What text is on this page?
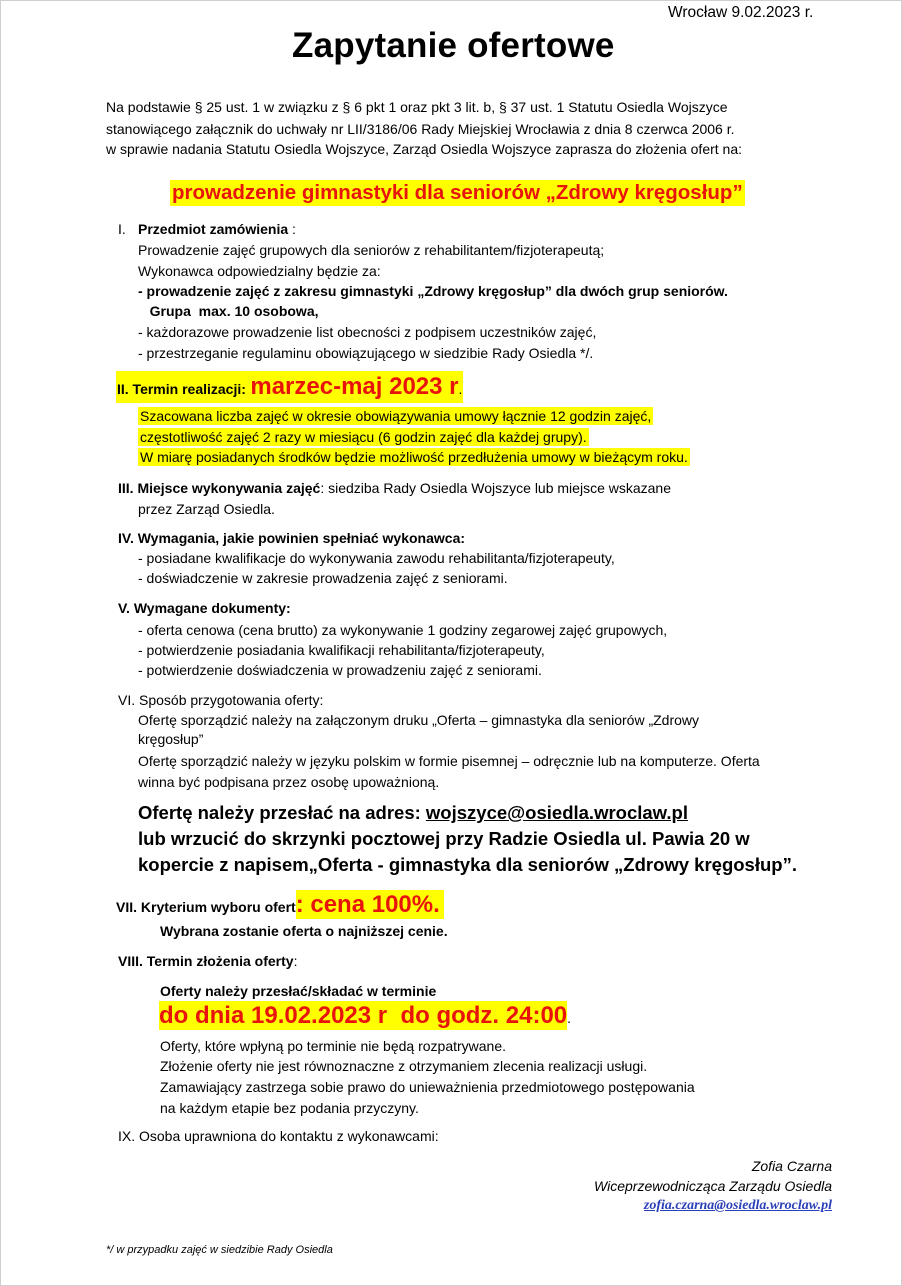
Wrocław 9.02.2023 r.
Zapytanie ofertowe
Na podstawie § 25 ust. 1 w związku z § 6 pkt 1 oraz pkt 3 lit. b, § 37 ust. 1 Statutu Osiedla Wojszyce
stanowiącego załącznik do uchwały nr LII/3186/06 Rady Miejskiej Wrocławia z dnia 8 czerwca 2006 r.
w sprawie nadania Statutu Osiedla Wojszyce, Zarząd Osiedla Wojszyce zaprasza do złożenia ofert na:
prowadzenie gimnastyki dla seniorów „Zdrowy kręgosłup”
I. Przedmiot zamówienia :
Prowadzenie zajęć grupowych dla seniorów z rehabilitantem/fizjoterapeutą;
Wykonawca odpowiedzialny będzie za:
- prowadzenie zajęć z zakresu gimnastyki „Zdrowy kręgosłup” dla dwóch grup seniorów.
Grupa  max. 10 osobowa,
- każdorazowe prowadzenie list obecności z podpisem uczestników zajęć,
- przestrzeganie regulaminu obowiązującego w siedzibie Rady Osiedla */.
II. Termin realizacji: marzec-maj 2023 r.
Szacowana liczba zajęć w okresie obowiązywania umowy łącznie 12 godzin zajęć,
częstotliwość zajęć 2 razy w miesiącu (6 godzin zajęć dla każdej grupy).
W miarę posiadanych środków będzie możliwość przedłużenia umowy w bieżącym roku.
III. Miejsce wykonywania zajęć: siedziba Rady Osiedla Wojszyce lub miejsce wskazane
przez Zarząd Osiedla.
IV. Wymagania, jakie powinien spełniać wykonawca:
- posiadane kwalifikacje do wykonywania zawodu rehabilitanta/fizjoterapeuty,
- doświadczenie w zakresie prowadzenia zajęć z seniorami.
V. Wymagane dokumenty:
- oferta cenowa (cena brutto) za wykonywanie 1 godziny zegarowej zajęć grupowych,
- potwierdzenie posiadania kwalifikacji rehabilitanta/fizjoterapeuty,
- potwierdzenie doświadczenia w prowadzeniu zajęć z seniorami.
VI. Sposób przygotowania oferty:
Ofertę sporządzić należy na załączonym druku „Oferta – gimnastyka dla seniorów „Zdrowy
kręgosłup”
Ofertę sporządzić należy w języku polskim w formie pisemnej – odręcznie lub na komputerze. Oferta
winna być podpisana przez osobę upoważnioną.
Ofertę należy przesłać na adres: wojszyce@osiedla.wroclaw.pl
lub wrzucić do skrzynki pocztowej przy Radzie Osiedla ul. Pawia 20 w
kopercie z napisem„Oferta - gimnastyka dla seniorów „Zdrowy kręgosłup”.
VII. Kryterium wyboru ofert: cena 100%.
Wybrana zostanie oferta o najniższej cenie.
VIII. Termin złożenia oferty:
Oferty należy przesłać/składać w terminie
do dnia 19.02.2023 r  do godz. 24:00.
Oferty, które wpłyną po terminie nie będą rozpatrywane.
Złożenie oferty nie jest równoznaczne z otrzymaniem zlecenia realizacji usługi.
Zamawiający zastrzega sobie prawo do unieważnienia przedmiotowego postępowania
na każdym etapie bez podania przyczyny.
IX. Osoba uprawniona do kontaktu z wykonawcami:
Zofia Czarna
Wiceprzewodnicząca Zarządu Osiedla
zofia.czarna@osiedla.wroclaw.pl
*/ w przypadku zajęć w siedzibie Rady Osiedla
